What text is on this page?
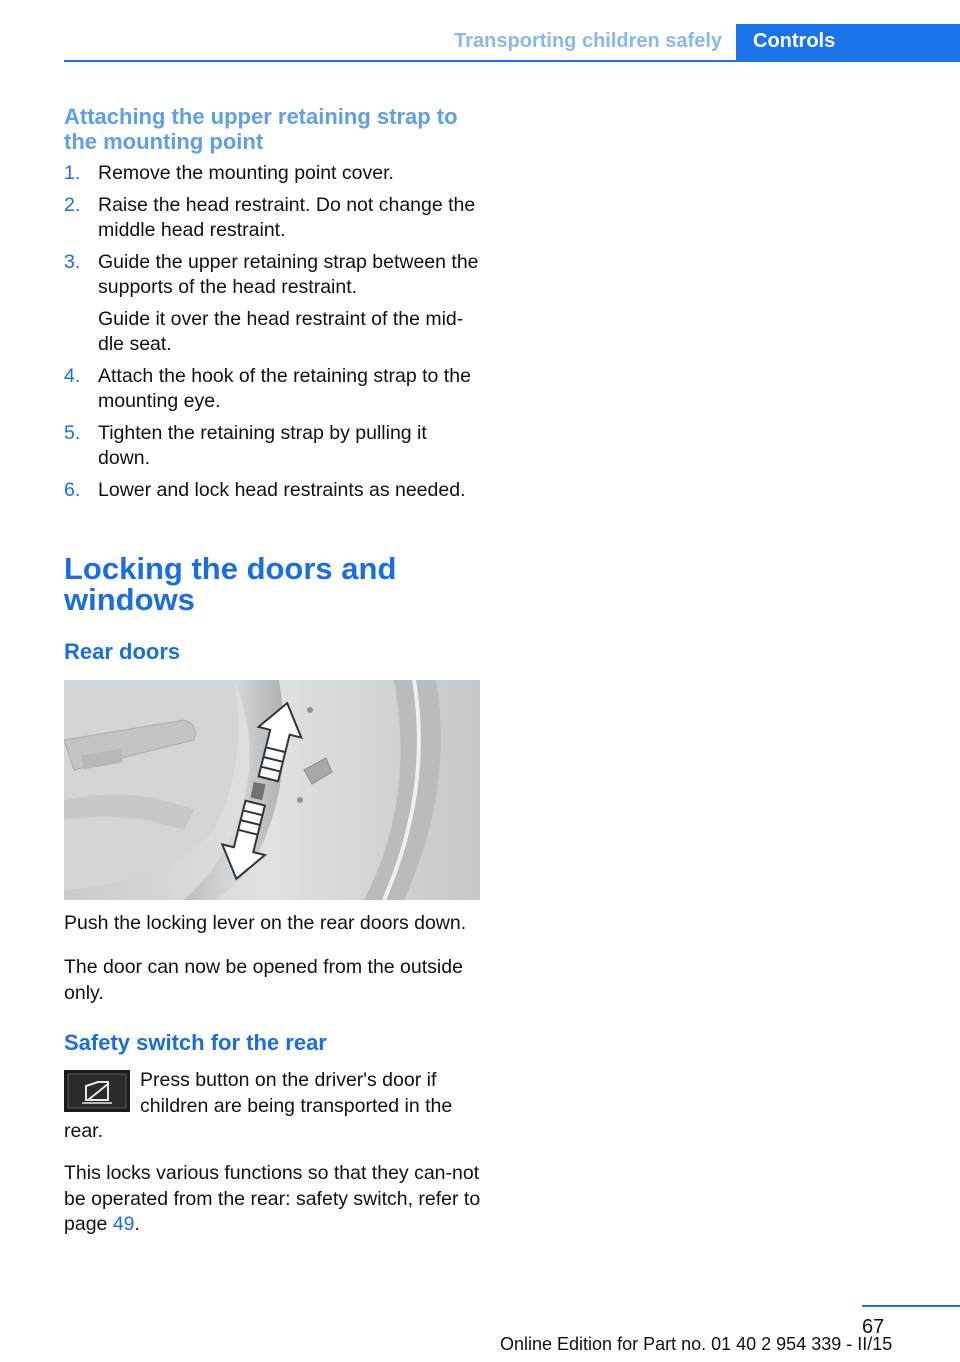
Transporting children safely Controls
Attaching the upper retaining strap to the mounting point
1. Remove the mounting point cover.
2. Raise the head restraint. Do not change the middle head restraint.
3. Guide the upper retaining strap between the supports of the head restraint.
Guide it over the head restraint of the mid‐dle seat.
4. Attach the hook of the retaining strap to the mounting eye.
5. Tighten the retaining strap by pulling it down.
6. Lower and lock head restraints as needed.
Locking the doors and windows
Rear doors
Push the locking lever on the rear doors down.
The door can now be opened from the outside only.
Safety switch for the rear
Press button on the driver's door if children are being transported in the rear.
This locks various functions so that they can‐not be operated from the rear: safety switch, refer to page 49.
67
Online Edition for Part no. 01 40 2 954 339 - II/15
